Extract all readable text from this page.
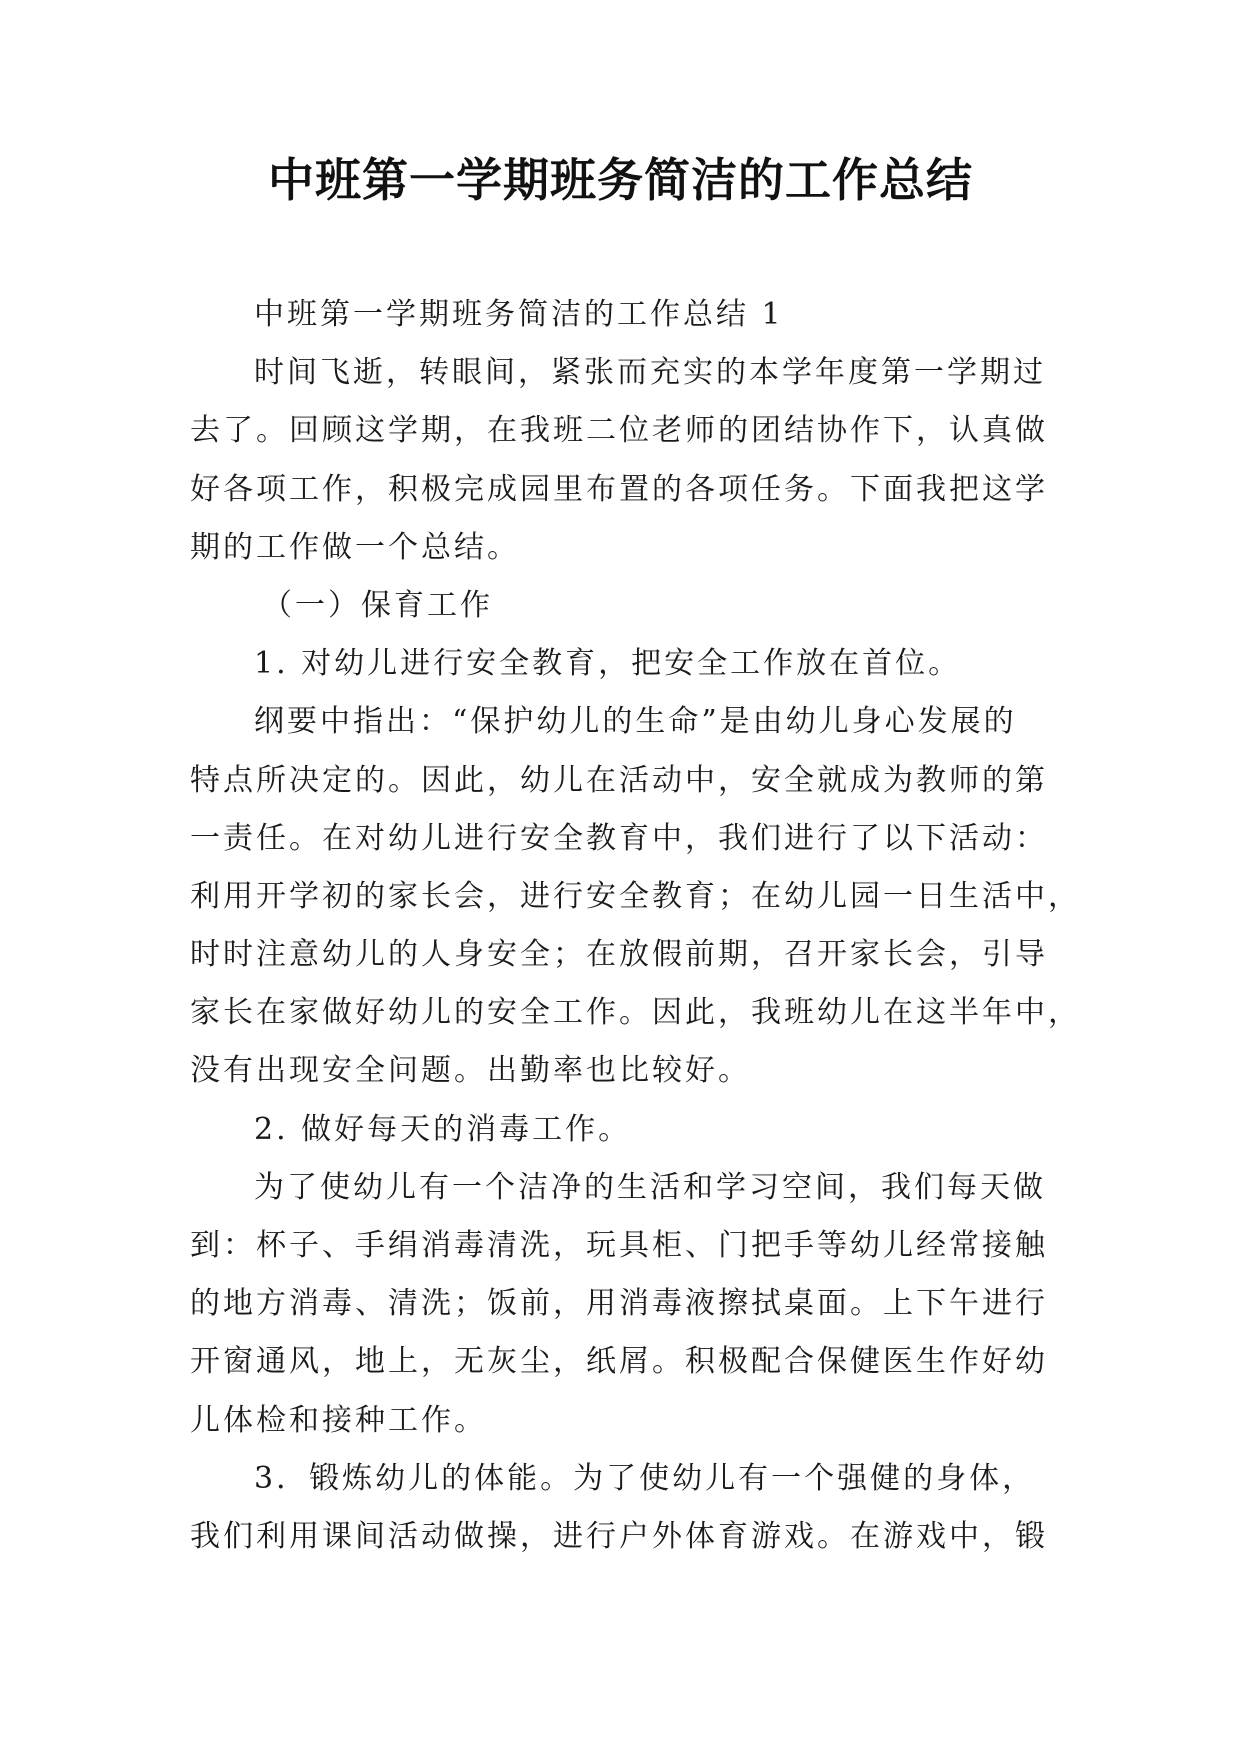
中班第一学期班务简洁的工作总结
中班第一学期班务简洁的工作总结 1
时间飞逝，转眼间，紧张而充实的本学年度第一学期过
去了。回顾这学期，在我班二位老师的团结协作下，认真做
好各项工作，积极完成园里布置的各项任务。下面我把这学
期的工作做一个总结。
（一）保育工作
1. 对幼儿进行安全教育，把安全工作放在首位。
纲要中指出：“保护幼儿的生命”是由幼儿身心发展的
特点所决定的。因此，幼儿在活动中，安全就成为教师的第
一责任。在对幼儿进行安全教育中，我们进行了以下活动：
利用开学初的家长会，进行安全教育；在幼儿园一日生活中，
时时注意幼儿的人身安全；在放假前期，召开家长会，引导
家长在家做好幼儿的安全工作。因此，我班幼儿在这半年中，
没有出现安全问题。出勤率也比较好。
2. 做好每天的消毒工作。
为了使幼儿有一个洁净的生活和学习空间，我们每天做
到：杯子、手绢消毒清洗，玩具柜、门把手等幼儿经常接触
的地方消毒、清洗；饭前，用消毒液擦拭桌面。上下午进行
开窗通风，地上，无灰尘，纸屑。积极配合保健医生作好幼
儿体检和接种工作。
3．锻炼幼儿的体能。为了使幼儿有一个强健的身体，
我们利用课间活动做操，进行户外体育游戏。在游戏中，锻
